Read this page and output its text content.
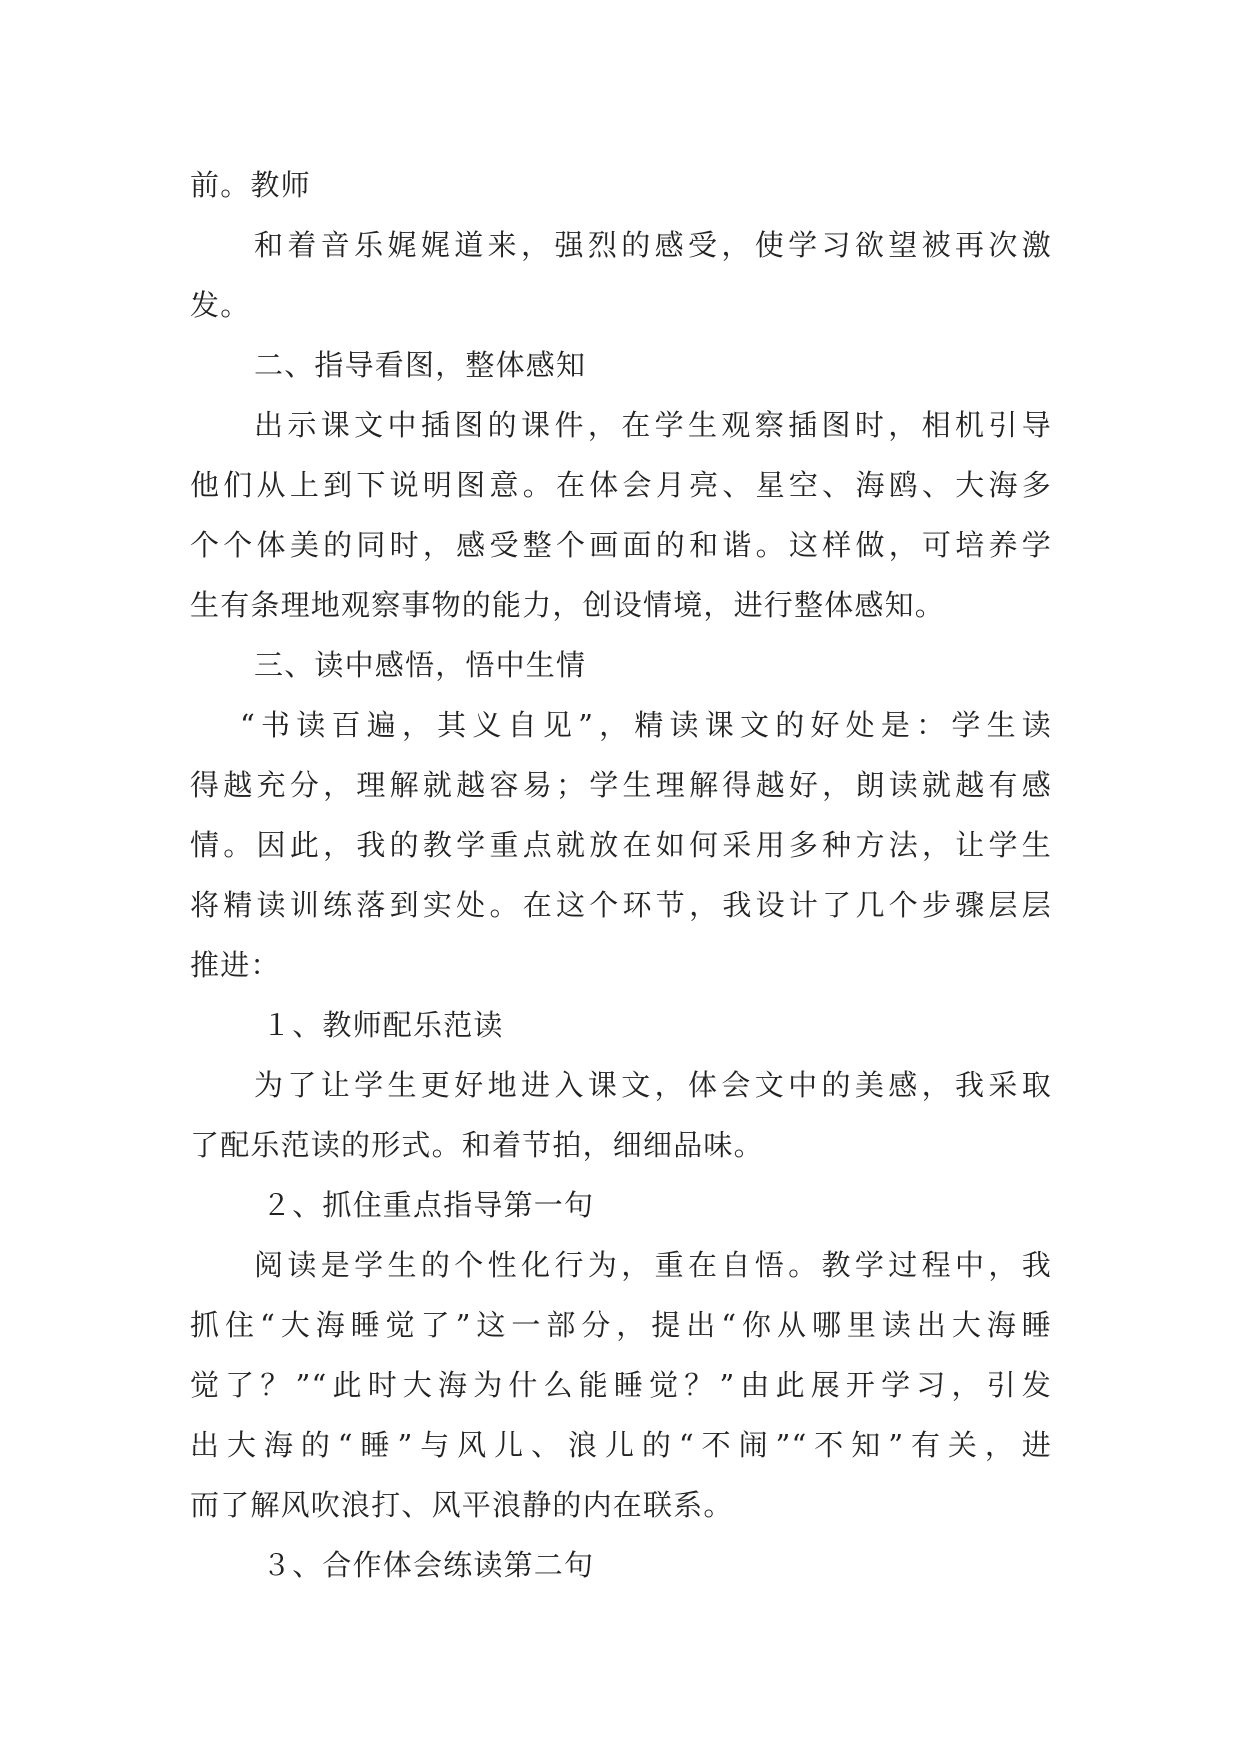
前。教师
和着音乐娓娓道来，强烈的感受，使学习欲望被再次激
发。
二、指导看图，整体感知
出示课文中插图的课件，在学生观察插图时，相机引导
他们从上到下说明图意。在体会月亮、星空、海鸥、大海多
个个体美的同时，感受整个画面的和谐。这样做，可培养学
生有条理地观察事物的能力，创设情境，进行整体感知。
三、读中感悟，悟中生情
“书读百遍，其义自见”，精读课文的好处是：学生读
得越充分，理解就越容易；学生理解得越好，朗读就越有感
情。因此，我的教学重点就放在如何采用多种方法，让学生
将精读训练落到实处。在这个环节，我设计了几个步骤层层
推进：
１、教师配乐范读
为了让学生更好地进入课文，体会文中的美感，我采取
了配乐范读的形式。和着节拍，细细品味。
２、抓住重点指导第一句
阅读是学生的个性化行为，重在自悟。教学过程中，我
抓住“大海睡觉了”这一部分，提出“你从哪里读出大海睡
觉了？”“此时大海为什么能睡觉？”由此展开学习，引发
出大海的“睡”与风儿、浪儿的“不闹”“不知”有关，进
而了解风吹浪打、风平浪静的内在联系。
３、合作体会练读第二句
